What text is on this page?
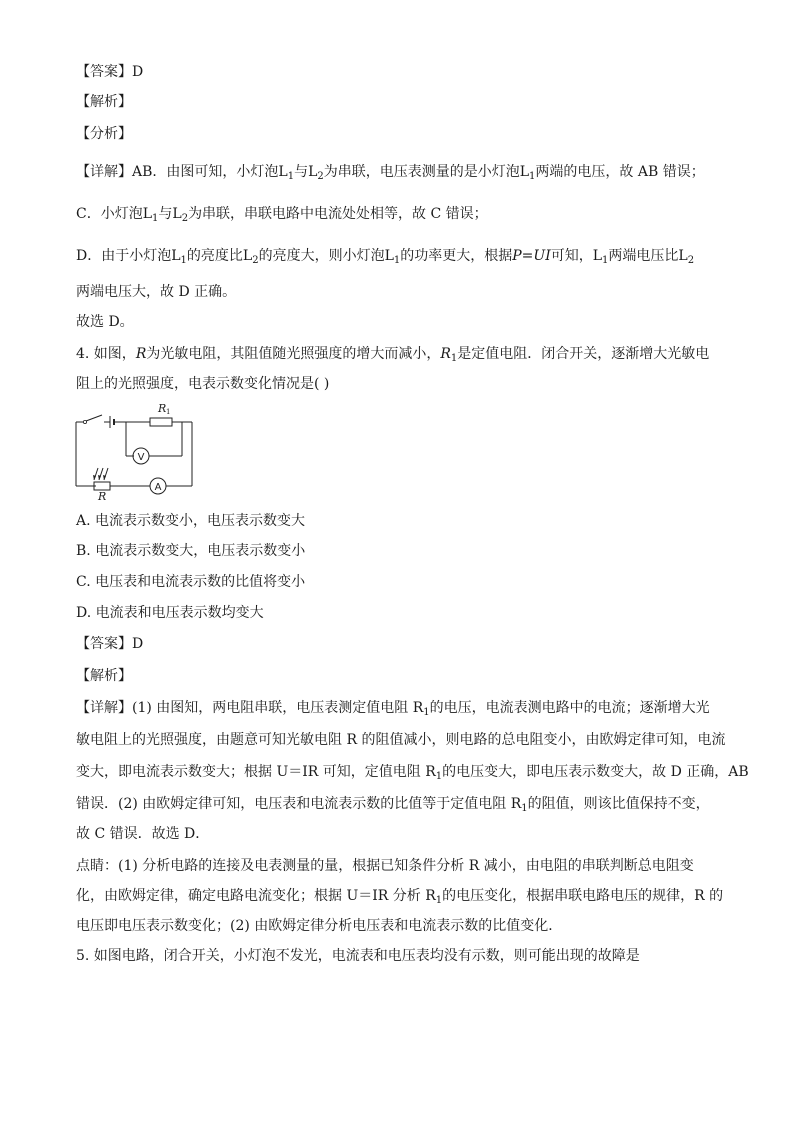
【答案】D
【解析】
【分析】
【详解】AB．由图可知，小灯泡$L_1$与$L_2$为串联，电压表测量的是小灯泡$L_1$两端的电压，故 AB 错误；
C．小灯泡$L_1$与$L_2$为串联，串联电路中电流处处相等，故 C 错误；
D．由于小灯泡$L_1$的亮度比$L_2$的亮度大，则小灯泡$L_1$的功率更大，根据P=UI可知，$L_1$两端电压比$L_2$
两端电压大，故 D 正确。
故选 D。
4. 如图，R为光敏电阻，其阻值随光照强度的增大而减小，$R_1$是定值电阻．闭合开关，逐渐增大光敏电
阻上的光照强度，电表示数变化情况是( )
R 1
V
A
R
A. 电流表示数变小，电压表示数变大
B. 电流表示数变大，电压表示数变小
C. 电压表和电流表示数的比值将变小
D. 电流表和电压表示数均变大
【答案】D
【解析】
【详解】(1) 由图知，两电阻串联，电压表测定值电阻 $R_1$的电压，电流表测电路中的电流；逐渐增大光
敏电阻上的光照强度，由题意可知光敏电阻 R 的阻值减小，则电路的总电阻变小，由欧姆定律可知，电流
变大，即电流表示数变大；根据 U＝IR 可知，定值电阻 $R_1$的电压变大，即电压表示数变大，故 D 正确，AB
错误．(2) 由欧姆定律可知，电压表和电流表示数的比值等于定值电阻 $R_1$的阻值，则该比值保持不变，
故 C 错误．故选 D．
点睛：(1) 分析电路的连接及电表测量的量，根据已知条件分析 R 减小，由电阻的串联判断总电阻变
化，由欧姆定律，确定电路电流变化；根据 U＝IR 分析 $R_1$的电压变化，根据串联电路电压的规律，R 的
电压即电压表示数变化；(2) 由欧姆定律分析电压表和电流表示数的比值变化．
5. 如图电路，闭合开关，小灯泡不发光，电流表和电压表均没有示数，则可能出现的故障是
